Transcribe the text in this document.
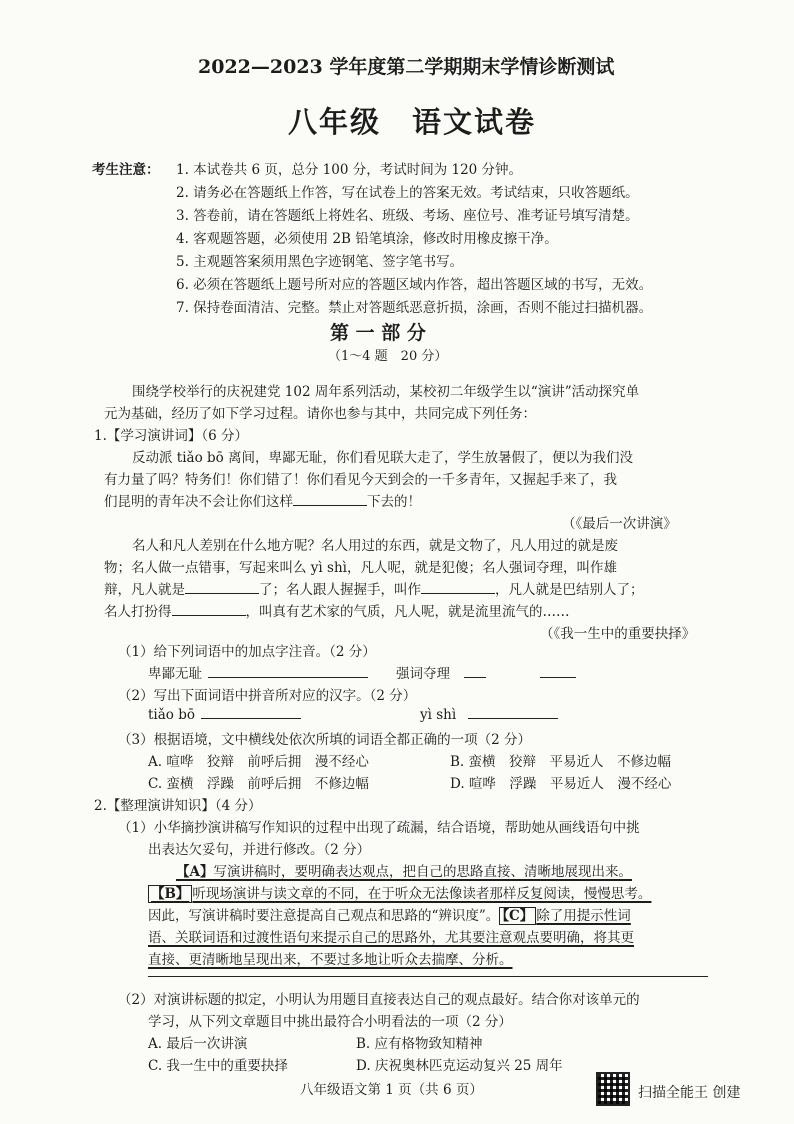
2022—2023 学年度第二学期期末学情诊断测试
八年级　语文试卷
考生注意： 1. 本试卷共 6 页，总分 100 分，考试时间为 120 分钟。
2. 请务必在答题纸上作答，写在试卷上的答案无效。考试结束，只收答题纸。
3. 答卷前，请在答题纸上将姓名、班级、考场、座位号、准考证号填写清楚。
4. 客观题答题，必须使用 2B 铅笔填涂，修改时用橡皮擦干净。
5. 主观题答案须用黑色字迹钢笔、签字笔书写。
6. 必须在答题纸上题号所对应的答题区域内作答，超出答题区域的书写，无效。
7. 保持卷面清洁、完整。禁止对答题纸恶意折损，涂画，否则不能过扫描机器。
第 一 部 分
（1～4 题　20 分）
围绕学校举行的庆祝建党 102 周年系列活动，某校初二年级学生以“演讲”活动探究单
元为基础，经历了如下学习过程。请你也参与其中，共同完成下列任务：
1.【学习演讲词】（6 分）
反动派 tiǎo bō 离间，卑鄙无耻，你们看见联大走了，学生放暑假了，便以为我们没
有力量了吗？特务们！你们错了！你们看见今天到会的一千多青年，又握起手来了，我
们昆明的青年决不会让你们这样	下去的！
（《最后一次讲演》
名人和凡人差别在什么地方呢？名人用过的东西，就是文物了，凡人用过的就是废
物；名人做一点错事，写起来叫么 yì shì，凡人呢，就是犯傻；名人强词夺理，叫作雄
辩，凡人就是	了；名人跟人握握手，叫作	，凡人就是巴结别人了；
名人打扮得	，叫真有艺术家的气质，凡人呢，就是流里流气的……
（《我一生中的重要抉择》
（1）给下列词语中的加点字注音。（2 分）
卑鄙无耻	强词夺理
（2）写出下面词语中拼音所对应的汉字。（2 分）
tiǎo bō	yì shì
（3）根据语境，文中横线处依次所填的词语全都正确的一项（2 分）
A. 喧哗　狡辩　前呼后拥　漫不经心	B. 蛮横　狡辩　平易近人　不修边幅
C. 蛮横　浮躁　前呼后拥　不修边幅	D. 喧哗　浮躁　平易近人　漫不经心
2.【整理演讲知识】（4 分）
（1）小华摘抄演讲稿写作知识的过程中出现了疏漏，结合语境，帮助她从画线语句中挑
出表达欠妥句，并进行修改。（2 分）
【A】写演讲稿时，要明确表达观点，把自己的思路直接、清晰地展现出来。
【B】 听现场演讲与读文章的不同，在于听众无法像读者那样反复阅读，慢慢思考。
因此，写演讲稿时要注意提高自己观点和思路的“辨识度”。 【C】 除了用提示性词
语、关联词语和过渡性语句来提示自己的思路外，尤其要注意观点要明确，将其更
直接、更清晰地呈现出来，不要过多地让听众去揣摩、分析。
（2）对演讲标题的拟定，小明认为用题目直接表达自己的观点最好。结合你对该单元的
学习，从下列文章题目中挑出最符合小明看法的一项（2 分）
A. 最后一次讲演	B. 应有格物致知精神
C. 我一生中的重要抉择	D. 庆祝奥林匹克运动复兴 25 周年
八年级语文第 1 页（共 6 页）	扫描全能王 创建
